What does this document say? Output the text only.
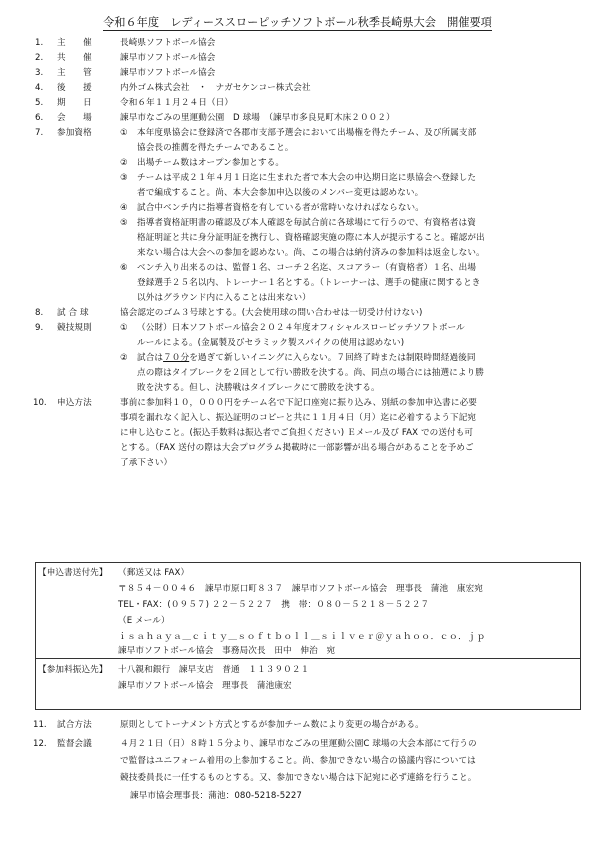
令和６年度　レディーススローピッチソフトボール秋季長崎県大会　開催要項
1. 主　　催	長崎県ソフトボール協会
2. 共　　催	諫早市ソフトボール協会
3. 主　　管	諫早市ソフトボール協会
4. 後　　援	内外ゴム株式会社　・　ナガセケンコー株式会社
5. 期　　日	令和６年１１月２４日（日）
6. 会　　場	諫早市なごみの里運動公園　D 球場　（諫早市多良見町木床２００２）
7. 参加資格	① 本年度県協会に登録済で各郡市支部予選会において出場権を得たチーム、及び所属支部
協会長の推薦を得たチームであること。
② 出場チーム数はオープン参加とする。
③ チームは平成２１年４月１日迄に生まれた者で本大会の申込期日迄に県協会へ登録した
者で編成すること。尚、本大会参加申込以後のメンバー変更は認めない。
④ 試合中ベンチ内に指導者資格を有している者が常時いなければならない。
⑤ 指導者資格証明書の確認及び本人確認を毎試合前に各球場にて行うので、有資格者は資
格証明証と共に身分証明証を携行し、資格確認実施の際に本人が提示すること。確認が出
来ない場合は大会への参加を認めない。尚、この場合は納付済みの参加料は返金しない。
⑥ ベンチ入り出来るのは、監督１名、コーチ２名迄、スコアラー（有資格者）１名、出場
登録選手２５名以内、トレーナー１名とする。（トレーナーは、選手の健康に関するとき
以外はグラウンド内に入ることは出来ない）
8. 試 合 球	協会認定のゴム３号球とする。(大会使用球の問い合わせは一切受け付けない)
9. 競技規則	① （公財）日本ソフトボール協会２０２４年度オフィシャルスローピッチソフトボール
ルールによる。(金属製及びセラミック製スパイクの使用は認めない)
② 試合は７０分を過ぎて新しいイニングに入らない。７回終了時または制限時間経過後同
点の際はタイブレークを２回として行い勝敗を決する。尚、同点の場合には抽選により勝
敗を決する。但し、決勝戦はタイブレークにて勝敗を決する。
10. 申込方法	事前に参加料１０，０００円をチーム名で下記口座宛に振り込み、別紙の参加申込書に必要
事項を漏れなく記入し、振込証明のコピーと共に１１月４日（月）迄に必着するよう下記宛
に申し込むこと。(振込手数料は振込者でご負担ください) Ｅメール及び FAX での送付も可
とする。（FAX 送付の際は大会プログラム掲載時に一部影響が出る場合があることを予めご
了承下さい）
【申込書送付先】 （郵送又は FAX）
〒８５４－００４６　諫早市原口町８３７　諫早市ソフトボール協会　理事長　蒲池　康宏宛
TEL・FAX：(０９５７) ２２－５２２７　携　帯：０８０－５２１８－５２２７
（E メール）
ｉｓａｈａｙａ＿ｃｉｔｙ＿ｓｏｆｔｂｏｌｌ＿ｓｉｌｖｅｒ＠ｙａｈｏｏ．ｃｏ．ｊｐ
諫早市ソフトボール協会　事務局次長　田中　伸治　宛
【参加料振込先】 十八親和銀行　諫早支店　普通　１１３９０２１
諫早市ソフトボール協会　理事長　蒲池康宏
11. 試合方法	原則としてトーナメント方式とするが参加チーム数により変更の場合がある。
12. 監督会議	４月２１日（日）８時１５分より、諫早市なごみの里運動公園C 球場の大会本部にて行うの
で監督はユニフォーム着用の上参加すること。尚、参加できない場合の協議内容については
競技委員長に一任するものとする。又、参加できない場合は下記宛に必ず連絡を行うこと。
諫早市協会理事長：蒲池：080-5218-5227
